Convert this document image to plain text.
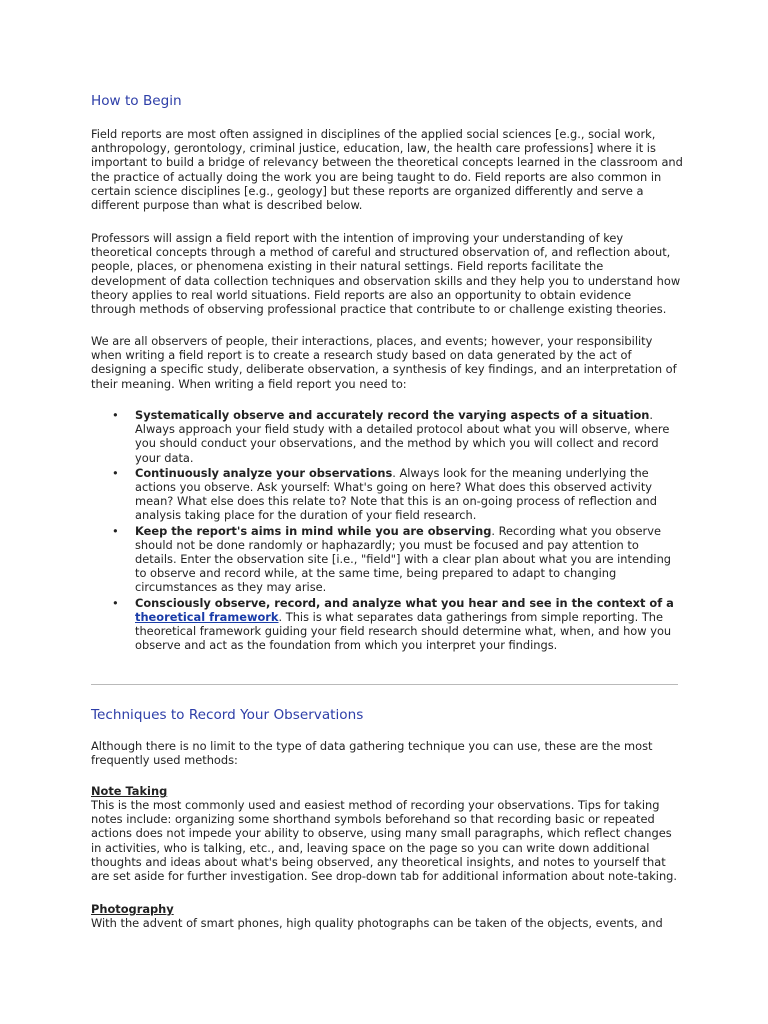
How to Begin

Field reports are most often assigned in disciplines of the applied social sciences [e.g., social work,
anthropology, gerontology, criminal justice, education, law, the health care professions] where it is
important to build a bridge of relevancy between the theoretical concepts learned in the classroom and
the practice of actually doing the work you are being taught to do. Field reports are also common in
certain science disciplines [e.g., geology] but these reports are organized differently and serve a
different purpose than what is described below.

Professors will assign a field report with the intention of improving your understanding of key
theoretical concepts through a method of careful and structured observation of, and reflection about,
people, places, or phenomena existing in their natural settings. Field reports facilitate the
development of data collection techniques and observation skills and they help you to understand how
theory applies to real world situations. Field reports are also an opportunity to obtain evidence
through methods of observing professional practice that contribute to or challenge existing theories.

We are all observers of people, their interactions, places, and events; however, your responsibility
when writing a field report is to create a research study based on data generated by the act of
designing a specific study, deliberate observation, a synthesis of key findings, and an interpretation of
their meaning. When writing a field report you need to:

• Systematically observe and accurately record the varying aspects of a situation.
Always approach your field study with a detailed protocol about what you will observe, where
you should conduct your observations, and the method by which you will collect and record
your data.
• Continuously analyze your observations. Always look for the meaning underlying the
actions you observe. Ask yourself: What's going on here? What does this observed activity
mean? What else does this relate to? Note that this is an on-going process of reflection and
analysis taking place for the duration of your field research.
• Keep the report's aims in mind while you are observing. Recording what you observe
should not be done randomly or haphazardly; you must be focused and pay attention to
details. Enter the observation site [i.e., "field"] with a clear plan about what you are intending
to observe and record while, at the same time, being prepared to adapt to changing
circumstances as they may arise.
• Consciously observe, record, and analyze what you hear and see in the context of a
theoretical framework. This is what separates data gatherings from simple reporting. The
theoretical framework guiding your field research should determine what, when, and how you
observe and act as the foundation from which you interpret your findings.
Techniques to Record Your Observations

Although there is no limit to the type of data gathering technique you can use, these are the most
frequently used methods:

Note Taking

This is the most commonly used and easiest method of recording your observations. Tips for taking
notes include: organizing some shorthand symbols beforehand so that recording basic or repeated
actions does not impede your ability to observe, using many small paragraphs, which reflect changes
in activities, who is talking, etc., and, leaving space on the page so you can write down additional
thoughts and ideas about what's being observed, any theoretical insights, and notes to yourself that
are set aside for further investigation. See drop-down tab for additional information about note-taking.

Photography

With the advent of smart phones, high quality photographs can be taken of the objects, events, and
